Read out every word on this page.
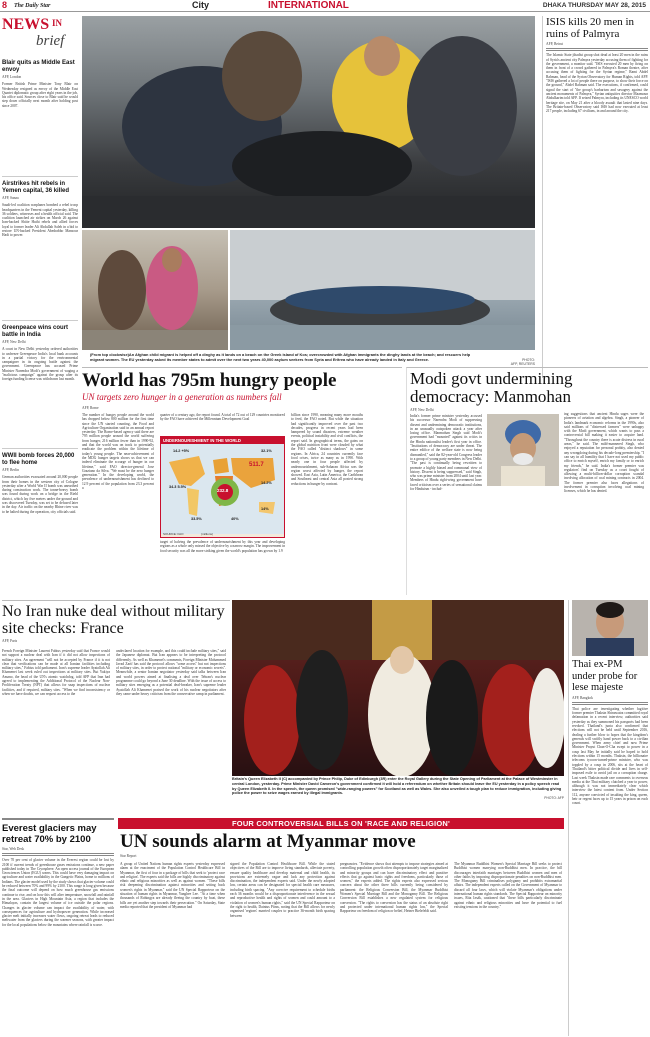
8 The Daily Star	City	INTERNATIONAL	DHAKA THURSDAY MAY 28, 2015
NEWS IN
brief
Blair quits as Middle East envoy
AFP, London
Former British Prime Minister Tony Blair on Wednesday resigned as envoy of the Middle East Quartet diplomatic group after eight years in the job, his office said. Sources close to Blair said he would step down officially next month after holding post since 2007.
Airstrikes hit rebels in Yemen capital, 36 killed
AFP, Sanaa
Saudi-led coalition warplanes bombed a rebel troop headquarters in the Yemeni capital yesterday, killing 36 soldiers, witnesses and a health official said. The coalition launched air strikes on March 26 against Iran-backed Shiite Huthi rebels and allied forces loyal to former leader Ali Abdullah Saleh in a bid to restore UN-backed President Abedrabbo Mansour Hadi to power.
Greenpeace wins court battle in India
AFP, New Delhi
A court in New Delhi yesterday ordered authorities to unfreeze Greenpeace India's local bank accounts in a partial victory for the environmental campaigner in its ongoing battle against the government. Greenpeace has accused Prime Minister Narendra Modi's government of waging a "malicious campaign" against the group after its foreign funding license was withdrawn last month.
WWII bomb forces 20,000 to flee home
AFP, Berlin
German authorities evacuated around 20,000 people from their homes in the western city of Cologne yesterday after a World War II bomb was unearthed during construction work. The tonne-heavy bomb was found during work on a bridge in the Riehl district, which lay five metres under the ground and was discovered Tuesday, was set to be defused later in the day. Air traffic on the nearby Rhine river was to be halted during the operation, city officials said.
(From top clockwise)An Afghan child migrant is helped off a dinghy as it lands on a beach on the Greek island of Kos; overcrowded with Afghan immigrants the dinghy lands at the beach; and rescuers help migrant women. The EU yesterday asked its member states to admit over the next two years 40,000 asylum seekers from Syria and Eritrea who have already landed in Italy and Greece.	PHOTO:
AFP, REUTERS
ISIS kills 20 men in ruins of Palmyra
AFP, Beirut
The Islamic State jihadist group shot dead at least 20 men in the ruins of Syria's ancient city Palmyra yesterday accusing them of fighting for the government, a monitor said. "ISIS executed 20 men by firing on them in front of a crowd gathered in Palmyra's Roman theatre, after accusing them of fighting for the Syrian regime," Rami Abdel Rahman, head of the Syrian Observatory for Human Rights, told AFP. "ISIS gathered a lot of people there on purpose, to show their force on the ground," Abdel Rahman said. The executions, if confirmed, could signal the start of "the group's barbarism and savagery against the ancient monuments of Palmyra," Syrian antiquities director Maamoun Abdulkarim told AFP. If seized Palmyra, including its UNESCO world heritage site, on May 21 after a bloody assault that lasted nine days. The Britain-based Observatory said ISIS had now executed at least 217 people, including 67 civilians, in and around the city.
World has 795m hungry people
UN targets zero hunger in a generation as numbers fall
AFP, Rome
The number of hungry people around the world has dropped below 800 million for the first time since the UN started counting, the Food and Agriculture Organization said in an annual report yesterday. The Rome-based agency said there are 795 million people around the world suffering from hunger, 216 million fewer than in 1990-92, and that the world was on track to potentially eradicate the problem within the lifetime of today's young people. The near-achievement of the MDG hunger targets shows us that we can indeed eliminate the scourge of hunger in our lifetime," said FAO director-general Jose Graziano da Silva. "We must be the zero hunger generation." In the developing world, the prevalence of undernourishment has declined to 12.9 percent of the population from 23.3 percent a
quarter of a century ago, the report found. A total of 72 out of 129 countries monitored by the FAO have achieved the Millennium Development Goal
UNDERNOURISHMENT IN THE WORLD
14.2 +5%	32.1%
511.7
34.3 5.5%
232.8
14.2%
33.5%	40%
14%
SOURCE: FAO	(millions)
target of halving the prevalence of undernourishment by this year and developing regions as a whole only missed the objective by a narrow margin. The improvement in food security was all the more striking given the world's population has grown by 1.9
billion since 1990, meaning many more mouths to feed, the FAO noted. But while the situation had significantly improved over the past two decades, progress in recent years had been hampered by sound disasters, extreme weather events, political instability and civil conflicts, the report said. In geographical terms, the gains on the global nutrition front were clouded by what the FAO called "distinct shadows" in some regions. In Africa, 24 countries currently face food crises, twice as many as in 1990. With nearly one in four people affected by undernourishment, sub-Saharan Africa was the region worst affected by hunger, the report showed. East Asia, Latin America, the Caribbean and Southeast and central Asia all posted strong reductions in hunger by contrast.
Modi govt undermining democracy: Manmohan
AFP, New Delhi
India's former prime minister yesterday accused his successor Narendra Modi of suppressing dissent and undermining democratic institutions, in an unusually outspoken attack a year after losing office. Manmohan Singh said Modi's government had "mounted" against its critics in the Hindu nationalist leader's first year in office. "Institutions of democracy are under threat. The entire edifice of the welfare state is now being dismantled," said the 82-year-old Congress leader to a group of young party members in New Delhi. "The past is continually being rewritten to promote a highly biased and communal view of history. Dissent is being suppressed," said Singh, who was prime minister from 2004 until last year. Members of Hindu right-wing government have faced criticism over a series of sensational claims for Hinduism - includ-
ing suggestions that ancient Hindu sages were the pioneers of aviation and algebra. Singh, a pioneer of India's landmark economic reforms in the 1990s, also said millions of "distressed farmers" were unhappy with the Modi government, which wants to pass a controversial bill making it easier to acquire land. "Throughout the country there is acute distress in rural areas," he said. The mild-mannered Singh, who enjoyed a reputation for personal probity, also denied any wrongdoing during his decade-long premiership. "I can say in all humility that I have not used my public office to enrich myself, enrich my family or to enrich my friends," he said. India's former premier was regulators' find on Tuesday as a court fought of allowing a multi-billion-dollar corruption scandal involving allocation of coal mining contracts in 2004. The former premier also faces allegations of involvement in corruption involving coal mining licenses, which he has denied.
No Iran nuke deal without military site checks: France
AFP, Paris
French Foreign Minister Laurent Fabius yesterday said that France would not support a nuclear deal with Iran if it did not allow inspections of military sites. An agreement "will not be accepted by France if it is not clear that verifications can be made at all Iranian facilities including military sites," Fabius told parliament. Iran's supreme leader Ayatollah Ali Khamenei last week ruled out inspections at military sites. But Yukiya Amano, the head of the UN's atomic watchdog, told AFP that Iran had agreed to implementing the Additional Protocol of the Nuclear Non-Proliferation Treaty (NPT) that allows for snap inspections of nuclear facilities, and if required, military sites. "When we find inconsistency or when we have doubts, we can request access to the
undeclared location for example, and this could include military sites," said the Japanese diplomat. But Iran appears to be interpreting the protocol differently. As well as Khamenei's comments, Foreign Minister Mohammed Javad Zarif has said the protocol allows "some access" but not inspections of military sites, in order to protect national "military or economic secrets". Meanwhile, a senior Iranian negotiator yesterday said talks between Iran and world powers aimed at finalising a deal over Tehran's nuclear programme could go beyond a June 30 deadline. With the issue of access to military sites emerging as a potential deal-breaker, Iran's supreme leader Ayatollah Ali Khamenei praised the work of his nuclear negotiators after they came under heavy criticism from the conservative camp in parliament.
Britain's Queen Elizabeth II (C) accompanied by Prince Philip, Duke of Edinburgh (3R) enter the Royal Gallery during the State Opening of Parliament at the Palace of Westminster in central London, yesterday. Prime Minister David Cameron's government confirmed it will hold a referendum on whether Britain should leave the EU yesterday in a policy speech read by Queen Elizabeth II. In the speech, the queen promised "wide-ranging powers" for Scotland as well as Wales. She also unveiled a tough plan to reduce immigration, including giving police the power to seize wages earned by illegal immigrants.
PHOTO: AFP
Thai ex-PM under probe for lese majeste
AFP, Bangkok
Thai police are investigating whether fugitive former premier Thaksin Shinawatra committed royal defamation in a recent interview, authorities said yesterday as they summoned his passports had been revoked. Thailand's junta also confirmed that elections will not be held until September 2016, dealing a further blow to hopes that the kingdom's generals will swiftly hand power back to a civilian government. When army chief and now Prime Minister Prayut Chan-O-Cha swept to power in a coup last May he initially said he hoped to hold elections within 15 months. Thaksin, the billionaire telecoms tycoon-turned-prime minister, who was toppled by a coup in 2006, sits at the heart of Thailand's bitter political divide and lives in self-imposed exile to avoid jail on a corruption charge. Last week Thaksin made rare comments to overseas media at the Thai military clutched a year to power, although it was not immediately clear which interview the latest content from. Under Section 112, anyone convicted of insulting the king, queen, heir or regent faces up to 15 years in prison on each count.
Everest glaciers may retreat 70% by 2100
Star, Web Desk
Over 70 per cent of glacier volume in the Everest region could be lost by 2100 if current trends of greenhouse gases emissions continue, a new paper published today in The Cryosphere. An open access journal of the European Geosciences Union (EGU) warns. This could have very damaging impact on agriculture and water availability in the Gangetic Plains, home to millions of Indians. The glacier model used by the study shows that glacier volume could be reduced between 70% and 99% by 2100. This range is long given because the final outcome will depend on how much greenhouse gas emissions continue to rise, and on how this will alter temperature, snowfall and rainfall in the area. Glaciers in High Mountain Asia, a region that includes the Himalayas, contain the largest volume of ice outside the polar regions. Changes in glacier volume can impact the availability of water, with consequences for agriculture and hydropower generation. While increased glacier melt initially increases water flows, ongoing retreat leads to reduced meltwater from the glaciers during the warmer seasons, with greater impact for the local populations below the mountains where rainfall is scarce.
FOUR CONTROVERSIAL BILLS ON 'RACE AND RELIGION'
UN sounds alarm at Myanmar move
Star Report
A group of United Nations human rights experts yesterday expressed alarm at the enactment of the Population Control Healthcare Bill in Myanmar, the first of four in a package of bills that seek to 'protect race and religion'. The experts said the bills are highly discriminatory against ethnic and religious minorities as well as against women. "These bills risk deepening discrimination against minorities and setting back women's rights in Myanmar," said the UN Special Rapporteur on the situation of human rights in Myanmar, Yanghee Lee. "At a time when thousands of Rohingya are already fleeing the country by boat, these bills are yet another step towards their persecution." On Saturday, State media reported that the president of Myanmar had
signed the Population Control Healthcare Bill. While the stated objectives of the Bill are to improve living standards, alleviate poverty, ensure quality healthcare and develop maternal and child health, its provisions are extremely vague and lack any protection against discrimination, the independent experts said. Under the newly adopted law, certain areas can be designated for special health care measures, including birth spacing. "Any coercive requirement to schedule births each 36 months would be a disproportionate interference in the sexual and reproductive health and rights of women and could amount to a violation of women's human rights," said the UN Special Rapporteur on the right to health, Dainius Pūras, noting that the Bill allows for newly organised 'regions' married couples to practice 36-month birth spacing between
pregnancies. "Evidence shows that attempts to impose strategies aimed at controlling population growth often disproportionately target marginalized and minority groups and can have discriminatory effect and punitive effects that go against basic rights and freedoms, particularly those of women," the experts added. The rights experts also expressed serious concern about the other three bills currently being considered by parliament: the Religious Conversion Bill, the Myanmar Buddhist Women's Special Marriage Bill and the Monogamy Bill. The Religious Conversion Bill establishes a new regulated system for religious conversion. "The rights to conversion has the status of an absolute right and protected under international human rights law," the Special Rapporteur on freedom of religion or belief, Heiner Bielefeldt said.
The Myanmar Buddhist Women's Special Marriage Bill seeks to protect Buddhist women marrying non-Buddhist men. In practice, the bill discourages interfaith marriages between Buddhist women and men of other faiths by imposing disproportionate penalties on non-Buddhist men. The Monogamy Bill criminalises polygamy and prohibits extramarital affairs. The independent experts called on the Government of Myanmar to discard all four laws, which will violate Myanmar's obligations under international human rights standards. The Special Rapporteur on minority issues, Rita Izsák, cautioned that "these bills particularly discriminate against ethnic and religious minorities and have the potential to fuel existing tensions in the country."
